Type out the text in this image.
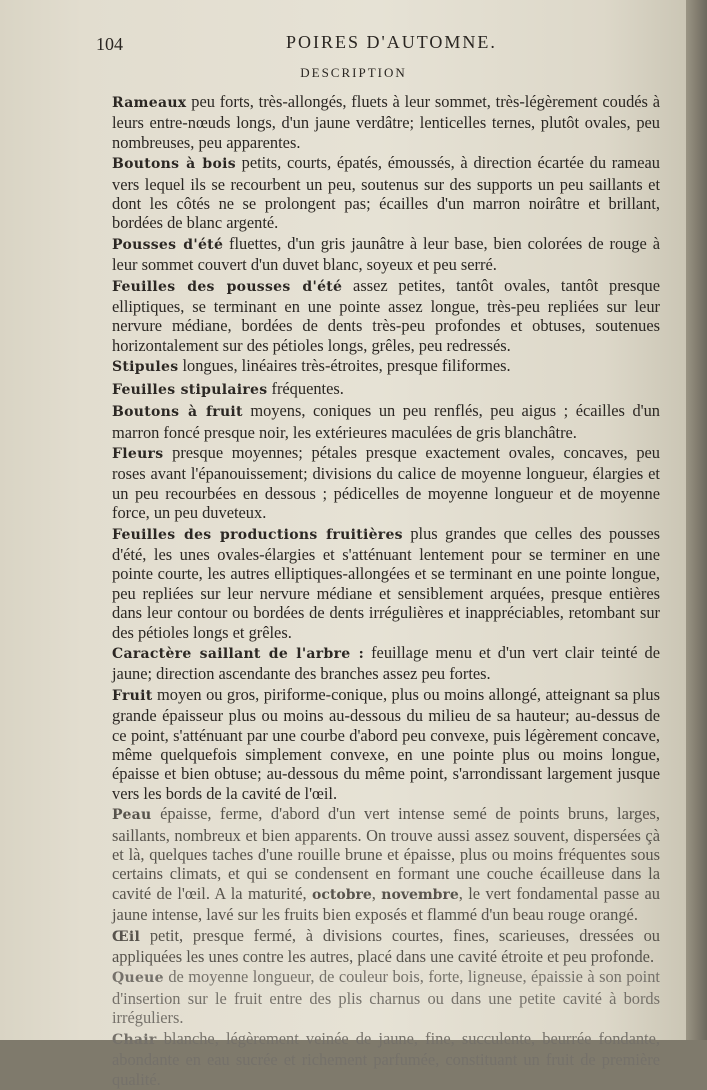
104	POIRES D'AUTOMNE.
DESCRIPTION

Rameaux peu forts, très-allongés, fluets à leur sommet, très-légèrement coudés à leurs entre-nœuds longs, d'un jaune verdâtre; lenticelles ternes, plutôt ovales, peu nombreuses, peu apparentes.

Boutons à bois petits, courts, épatés, émoussés, à direction écartée du rameau vers lequel ils se recourbent un peu, soutenus sur des supports un peu saillants et dont les côtés ne se prolongent pas; écailles d'un marron noirâtre et brillant, bordées de blanc argenté.

Pousses d'été fluettes, d'un gris jaunâtre à leur base, bien colorées de rouge à leur sommet couvert d'un duvet blanc, soyeux et peu serré.

Feuilles des pousses d'été assez petites, tantôt ovales, tantôt presque elliptiques, se terminant en une pointe assez longue, très-peu repliées sur leur nervure médiane, bordées de dents très-peu profondes et obtuses, soutenues horizontalement sur des pétioles longs, grêles, peu redressés.

Stipules longues, linéaires très-étroites, presque filiformes.

Feuilles stipulaires fréquentes.

Boutons à fruit moyens, coniques un peu renflés, peu aigus ; écailles d'un marron foncé presque noir, les extérieures maculées de gris blanchâtre.

Fleurs presque moyennes; pétales presque exactement ovales, concaves, peu roses avant l'épanouissement; divisions du calice de moyenne longueur, élargies et un peu recourbées en dessous ; pédicelles de moyenne longueur et de moyenne force, un peu duveteux.

Feuilles des productions fruitières plus grandes que celles des pousses d'été, les unes ovales-élargies et s'atténuant lentement pour se terminer en une pointe courte, les autres elliptiques-allongées et se terminant en une pointe longue, peu repliées sur leur nervure médiane et sensiblement arquées, presque entières dans leur contour ou bordées de dents irrégulières et inappréciables, retombant sur des pétioles longs et grêles.

Caractère saillant de l'arbre : feuillage menu et d'un vert clair teinté de jaune; direction ascendante des branches assez peu fortes.

Fruit moyen ou gros, piriforme-conique, plus ou moins allongé, atteignant sa plus grande épaisseur plus ou moins au-dessous du milieu de sa hauteur; au-dessus de ce point, s'atténuant par une courbe d'abord peu convexe, puis légèrement concave, même quelquefois simplement convexe, en une pointe plus ou moins longue, épaisse et bien obtuse; au-dessous du même point, s'arrondissant largement jusque vers les bords de la cavité de l'œil.

Peau épaisse, ferme, d'abord d'un vert intense semé de points bruns, larges, saillants, nombreux et bien apparents. On trouve aussi assez souvent, dispersées çà et là, quelques taches d'une rouille brune et épaisse, plus ou moins fréquentes sous certains climats, et qui se condensent en formant une couche écailleuse dans la cavité de l'œil. A la maturité, octobre, novembre, le vert fondamental passe au jaune intense, lavé sur les fruits bien exposés et flammé d'un beau rouge orangé.

Œil petit, presque fermé, à divisions courtes, fines, scarieuses, dressées ou appliquées les unes contre les autres, placé dans une cavité étroite et peu profonde.

Queue de moyenne longueur, de couleur bois, forte, ligneuse, épaissie à son point d'insertion sur le fruit entre des plis charnus ou dans une petite cavité à bords irréguliers.

Chair blanche, légèrement veinée de jaune, fine, succulente, beurrée fondante, abondante en eau sucrée et richement parfumée, constituant un fruit de première qualité.
